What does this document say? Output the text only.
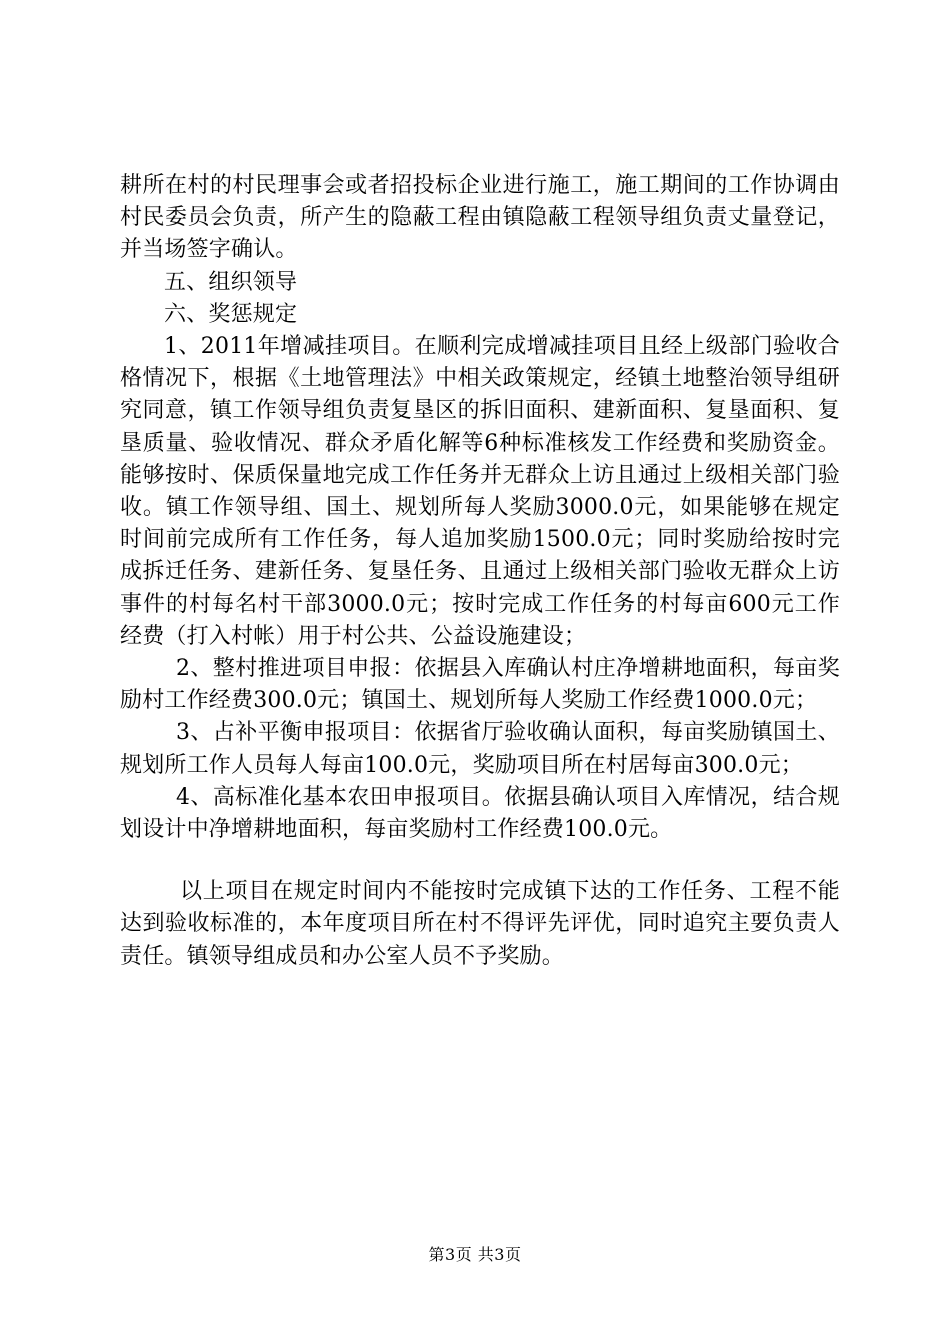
耕所在村的村民理事会或者招投标企业进行施工，施工期间的工作协调由村民委员会负责，所产生的隐蔽工程由镇隐蔽工程领导组负责丈量登记，并当场签字确认。

五、组织领导

六、奖惩规定

1、2011年增减挂项目。在顺利完成增减挂项目且经上级部门验收合格情况下，根据《土地管理法》中相关政策规定，经镇土地整治领导组研究同意，镇工作领导组负责复垦区的拆旧面积、建新面积、复垦面积、复垦质量、验收情况、群众矛盾化解等6种标准核发工作经费和奖励资金。能够按时、保质保量地完成工作任务并无群众上访且通过上级相关部门验收。镇工作领导组、国土、规划所每人奖励3000.0元，如果能够在规定时间前完成所有工作任务，每人追加奖励1500.0元；同时奖励给按时完成拆迁任务、建新任务、复垦任务、且通过上级相关部门验收无群众上访事件的村每名村干部3000.0元；按时完成工作任务的村每亩600元工作经费（打入村帐）用于村公共、公益设施建设；

2、整村推进项目申报：依据县入库确认村庄净增耕地面积，每亩奖励村工作经费300.0元；镇国土、规划所每人奖励工作经费1000.0元；

3、占补平衡申报项目：依据省厅验收确认面积，每亩奖励镇国土、规划所工作人员每人每亩100.0元，奖励项目所在村居每亩300.0元；

4、高标准化基本农田申报项目。依据县确认项目入库情况，结合规划设计中净增耕地面积，每亩奖励村工作经费100.0元。

以上项目在规定时间内不能按时完成镇下达的工作任务、工程不能达到验收标准的，本年度项目所在村不得评先评优，同时追究主要负责人责任。镇领导组成员和办公室人员不予奖励。

第3页 共3页
